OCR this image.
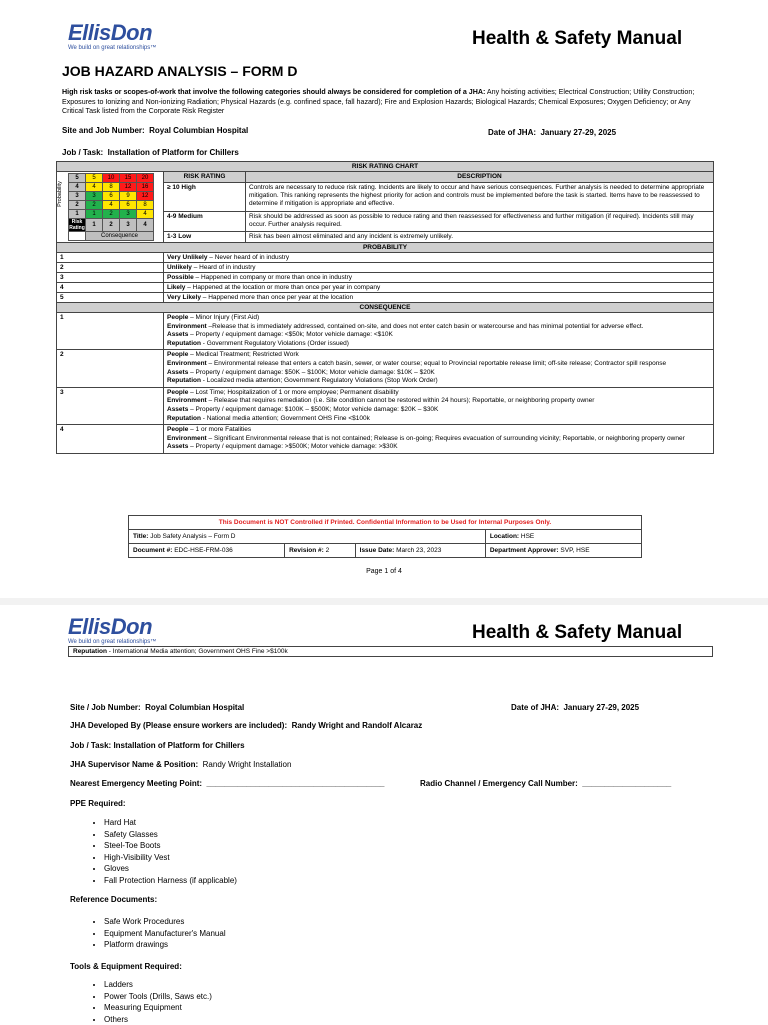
EllisDon
We build on great relationships™	Health & Safety Manual
JOB HAZARD ANALYSIS – FORM D
High risk tasks or scopes-of-work that involve the following categories should always be considered for completion of a JHA: Any hoisting activities; Electrical Construction; Utility Construction; Exposures to Ionizing and Non-ionizing Radiation; Physical Hazards (e.g. confined space, fall hazard); Fire and Explosion Hazards; Biological Hazards; Chemical Exposures; Oxygen Deficiency; or Any Critical Task listed from the Corporate Risk Register
Site and Job Number: Royal Columbian Hospital	Date of JHA: January 27-29, 2025
Job / Task: Installation of Platform for Chillers
RISK RATING CHART

Probability
5	5	10	15	20
4	4	8	12	16
3	3	6	9	12
2	2	4	6	8
1	1	2	3	4
Risk
Rating	1	2	3	4
	Consequence
	RISK RATING	DESCRIPTION
≥ 10 High	Controls are necessary to reduce risk rating. Incidents are likely to occur and have serious consequences. Further analysis is needed to determine appropriate mitigation. This ranking represents the highest priority for action and controls must be implemented before the task is started. Items have to be reassessed to determine if mitigation is appropriate and effective.
4-9 Medium	Risk should be addressed as soon as possible to reduce rating and then reassessed for effectiveness and further mitigation (if required). Incidents still may occur. Further analysis required.
1-3 Low	Risk has been almost eliminated and any incident is extremely unlikely.
PROBABILITY
1	Very Unlikely – Never heard of in industry
2	Unlikely – Heard of in industry
3	Possible – Happened in company or more than once in industry
4	Likely – Happened at the location or more than once per year in company
5	Very Likely – Happened more than once per year at the location
CONSEQUENCE
1	People – Minor Injury (First Aid)
Environment –Release that is immediately addressed, contained on-site, and does not enter catch basin or watercourse and has minimal potential for adverse effect.
Assets – Property / equipment damage: <$50k; Motor vehicle damage: <$10K
Reputation - Government Regulatory Violations (Order issued)

2	People – Medical Treatment; Restricted Work
Environment – Environmental release that enters a catch basin, sewer, or water course; equal to Provincial reportable release limit; off-site release; Contractor spill response
Assets – Property / equipment damage: $50K – $100K; Motor vehicle damage: $10K – $20K
Reputation - Localized media attention; Government Regulatory Violations (Stop Work Order)

3	People – Lost Time; Hospitalization of 1 or more employee; Permanent disability
Environment – Release that requires remediation (i.e. Site condition cannot be restored within 24 hours); Reportable, or neighboring property owner
Assets – Property / equipment damage: $100K – $500K; Motor vehicle damage: $20K – $30K
Reputation - National media attention; Government OHS Fine <$100k

4	People – 1 or more Fatalities
Environment – Significant Environmental release that is not contained; Release is on-going; Requires evacuation of surrounding vicinity; Reportable, or neighboring property owner
Assets – Property / equipment damage: >$500K; Motor vehicle damage: >$30K
This Document is NOT Controlled if Printed. Confidential Information to be Used for Internal Purposes Only.			
Title: Job Safety Analysis – Form D			Location: HSE
Document #: EDC-HSE-FRM-036	Revision #: 2	Issue Date: March 23, 2023	Department Approver: SVP, HSE
Page 1 of 4
EllisDon
We build on great relationships™	Health & Safety Manual
Reputation - International Media attention; Government OHS Fine >$100k
Site / Job Number: Royal Columbian Hospital	Date of JHA: January 27-29, 2025
JHA Developed By (Please ensure workers are included): Randy Wright and Randolf Alcaraz
Job / Task: Installation of Platform for Chillers
JHA Supervisor Name & Position: Randy Wright Installation
Nearest Emergency Meeting Point: ________________________________________	Radio Channel / Emergency Call Number: ____________________
PPE Required:
• Hard Hat
• Safety Glasses
• Steel-Toe Boots
• High-Visibility Vest
• Gloves
• Fall Protection Harness (if applicable)
Reference Documents:
• Safe Work Procedures
• Equipment Manufacturer's Manual
• Platform drawings
Tools & Equipment Required:
• Ladders
• Power Tools (Drills, Saws etc.)
• Measuring Equipment
• Others
